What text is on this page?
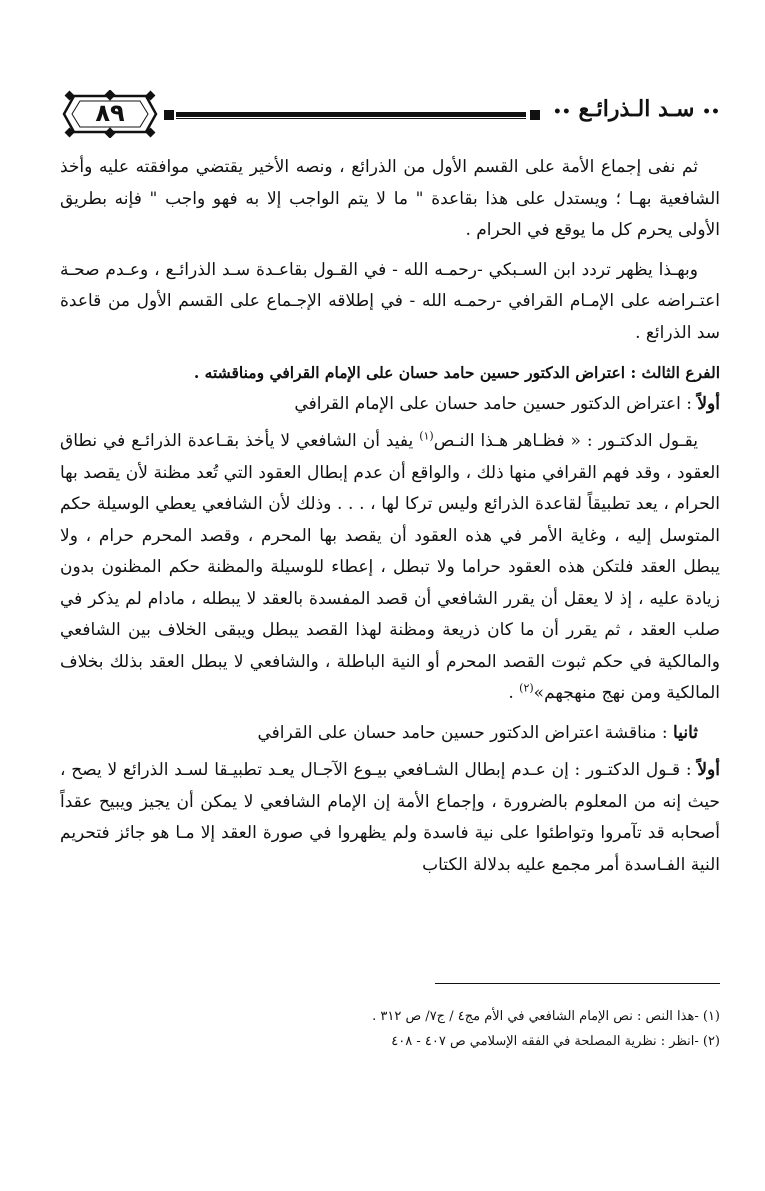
٨٩	•• سـد الـذرائـع ••

ثم نفى إجماع الأمة على القسم الأول من الذرائع ، ونصه الأخير يقتضي موافقته عليه وأخذ الشافعية بهـا ؛ ويستدل على هذا بقاعدة " ما لا يتم الواجب إلا به فهو واجب " فإنه بطريق الأولى يحرم كل ما يوقع في الحرام .

وبهـذا يظهر تردد ابن السـبكي -رحمـه الله - في القـول بقاعـدة سـد الذرائـع ، وعـدم صحـة اعتـراضه على الإمـام القرافي -رحمـه الله - في إطلاقه الإجـماع على القسم الأول من قاعدة سد الذرائع .

الفرع الثالث : اعتراض الدكتور حسين حامد حسان على الإمام القرافي ومناقشته .

أولاً : اعتراض الدكتور حسين حامد حسان على الإمام القرافي

يقـول الدكتـور : « فظـاهر هـذا النـص$^{(١)}$ يفيد أن الشافعي لا يأخذ بقـاعدة الذرائـع في نطاق العقود ، وقد فهم القرافي منها ذلك ، والواقع أن عدم إبطال العقود التي تُعد مظنة لأن يقصد بها الحرام ، يعد تطبيقاً لقاعدة الذرائع وليس تركا لها ، . . . وذلك لأن الشافعي يعطي الوسيلة حكم المتوسل إليه ، وغاية الأمر في هذه العقود أن يقصد بها المحرم ، وقصد المحرم حرام ، ولا يبطل العقد فلتكن هذه العقود حراما ولا تبطل ، إعطاء للوسيلة والمظنة حكم المظنون بدون زيادة عليه ، إذ لا يعقل أن يقرر الشافعي أن قصد المفسدة بالعقد لا يبطله ، مادام لم يذكر في صلب العقد ، ثم يقرر أن ما كان ذريعة ومظنة لهذا القصد يبطل ويبقى الخلاف بين الشافعي والمالكية في حكم ثبوت القصد المحرم أو النية الباطلة ، والشافعي لا يبطل العقد بذلك بخلاف المالكية ومن نهج منهجهم»$^{(٢)}$ .

ثانيا : مناقشة اعتراض الدكتور حسين حامد حسان على القرافي

أولاً : قـول الدكتـور : إن عـدم إبطال الشـافعي بيـوع الآجـال يعـد تطبيـقا لسـد الذرائع لا يصح ، حيث إنه من المعلوم بالضرورة ، وإجماع الأمة إن الإمام الشافعي لا يمكن أن يجيز ويبيح عقداً أصحابه قد تآمروا وتواطئوا على نية فاسدة ولم يظهروا في صورة العقد إلا مـا هو جائز فتحريم النية الفـاسدة أمر مجمع عليه بدلالة الكتاب

(١) -هذا النص : نص الإمام الشافعي في الأم مج٤ / ج٧/ ص ٣١٢ .

(٢) -انظر : نظرية المصلحة في الفقه الإسلامي ص ٤٠٧ - ٤٠٨
